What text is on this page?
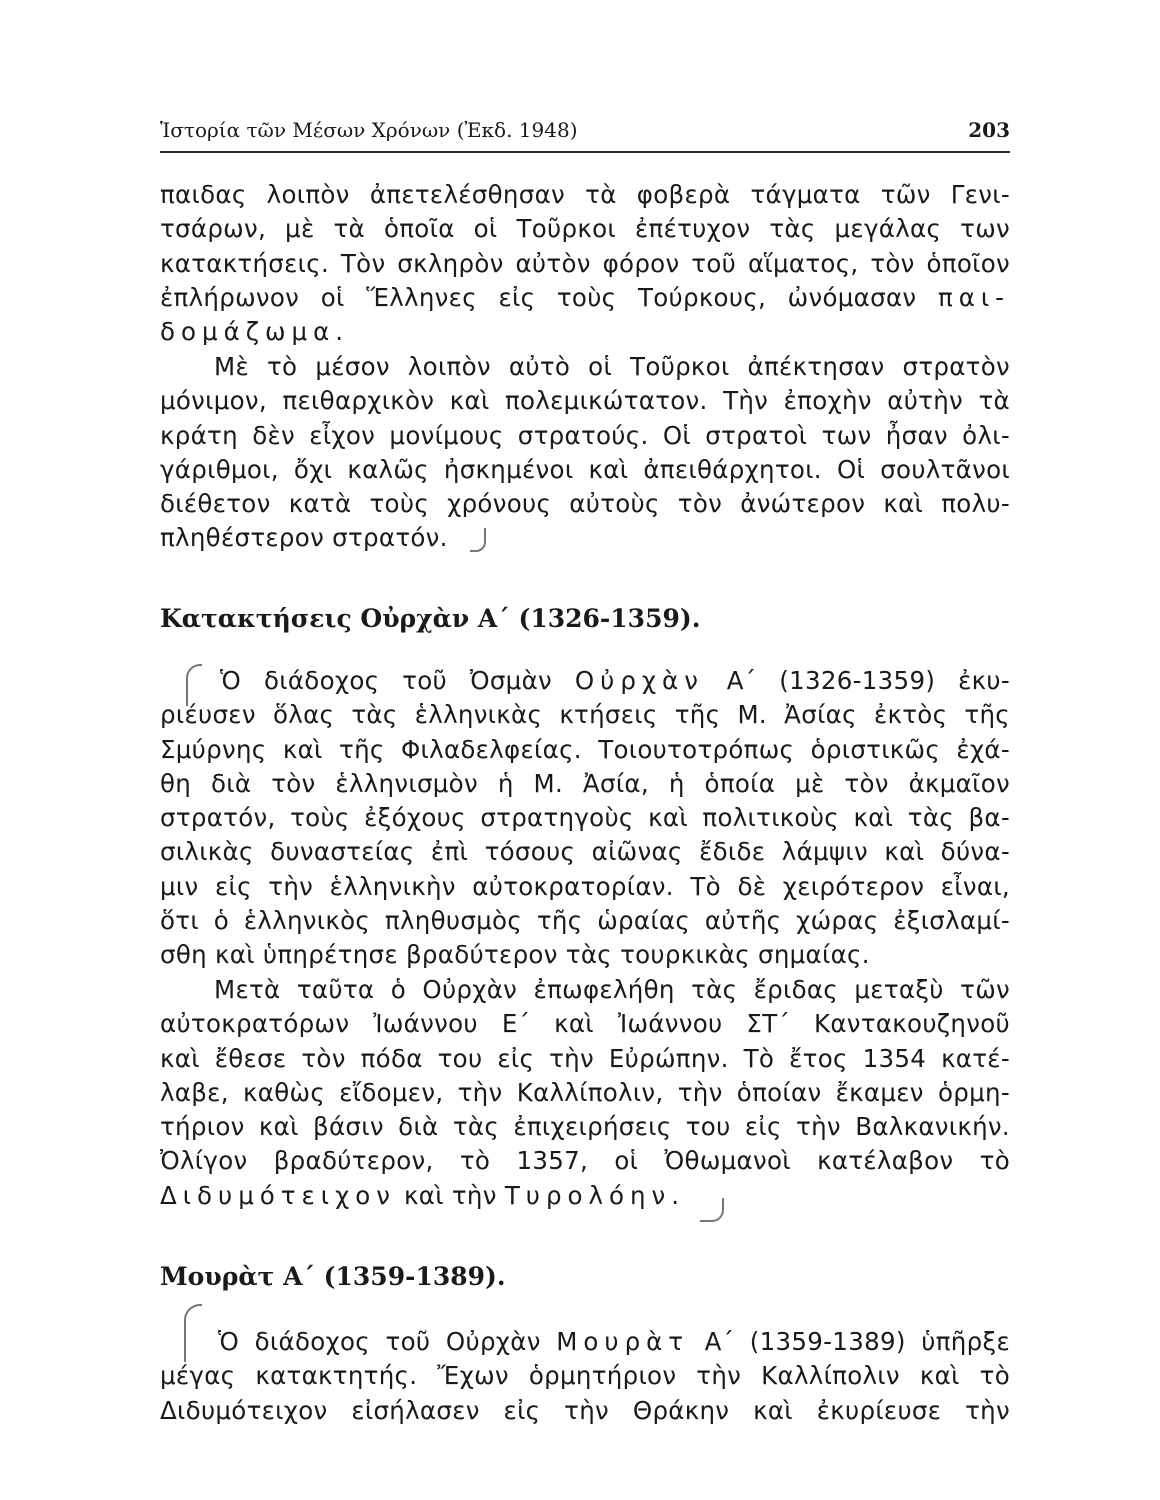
Ἱστορία τῶν Μέσων Χρόνων (Ἐκδ. 1948)	203
παιδας λοιπὸν ἀπετελέσθησαν τὰ φοβερὰ τάγματα τῶν Γενι-
τσάρων, μὲ τὰ ὁποῖα οἱ Τοῦρκοι ἐπέτυχον τὰς μεγάλας των
κατακτήσεις. Τὸν σκληρὸν αὐτὸν φόρον τοῦ αἵματος, τὸν ὁποῖον
ἐπλήρωνον οἱ Ἕλληνες εἰς τοὺς Τούρκους, ὠνόμασαν παι-
δομάζωμα.
Μὲ τὸ μέσον λοιπὸν αὐτὸ οἱ Τοῦρκοι ἀπέκτησαν στρατὸν
μόνιμον, πειθαρχικὸν καὶ πολεμικώτατον. Τὴν ἐποχὴν αὐτὴν τὰ
κράτη δὲν εἶχον μονίμους στρατούς. Οἱ στρατοὶ των ἦσαν ὀλι-
γάριθμοι, ὄχι καλῶς ἠσκημένοι καὶ ἀπειθάρχητοι. Οἱ σουλτᾶνοι
διέθετον κατὰ τοὺς χρόνους αὐτοὺς τὸν ἀνώτερον καὶ πολυ-
πληθέστερον στρατόν.
Κατακτήσεις Οὐρχὰν Α΄ (1326-1359).
Ὁ διάδοχος τοῦ Ὀσμὰν Οὐρχὰν Α΄ (1326-1359) ἐκυ-
ριέυσεν ὅλας τὰς ἑλληνικὰς κτήσεις τῆς Μ. Ἀσίας ἐκτὸς τῆς
Σμύρνης καὶ τῆς Φιλαδελφείας. Τοιουτοτρόπως ὁριστικῶς ἐχά-
θη διὰ τὸν ἑλληνισμὸν ἡ Μ. Ἀσία, ἡ ὁποία μὲ τὸν ἀκμαῖον
στρατόν, τοὺς ἐξόχους στρατηγοὺς καὶ πολιτικοὺς καὶ τὰς βα-
σιλικὰς δυναστείας ἐπὶ τόσους αἰῶνας ἔδιδε λάμψιν καὶ δύνα-
μιν εἰς τὴν ἑλληνικὴν αὐτοκρατορίαν. Τὸ δὲ χειρότερον εἶναι,
ὅτι ὁ ἑλληνικὸς πληθυσμὸς τῆς ὡραίας αὐτῆς χώρας ἐξισλαμί-
σθη καὶ ὑπηρέτησε βραδύτερον τὰς τουρκικὰς σημαίας.
Μετὰ ταῦτα ὁ Οὐρχὰν ἐπωφελήθη τὰς ἔριδας μεταξὺ τῶν
αὐτοκρατόρων Ἰωάννου Ε΄ καὶ Ἰωάννου ΣΤ΄ Καντακουζηνοῦ
καὶ ἔθεσε τὸν πόδα του εἰς τὴν Εὐρώπην. Τὸ ἔτος 1354 κατέ-
λαβε, καθὼς εἴδομεν, τὴν Καλλίπολιν, τὴν ὁποίαν ἔκαμεν ὁρμη-
τήριον καὶ βάσιν διὰ τὰς ἐπιχειρήσεις του εἰς τὴν Βαλκανικήν.
Ὀλίγον βραδύτερον, τὸ 1357, οἱ Ὀθωμανοὶ κατέλαβον τὸ
Διδυμότειχον καὶ τὴν Τυρολόην.
Μουρὰτ Α΄ (1359-1389).
Ὁ διάδοχος τοῦ Οὐρχὰν Μουρὰτ Α΄ (1359-1389) ὑπῆρξε
μέγας κατακτητής. Ἔχων ὁρμητήριον τὴν Καλλίπολιν καὶ τὸ
Διδυμότειχον εἰσήλασεν εἰς τὴν Θράκην καὶ ἐκυρίευσε τὴν
